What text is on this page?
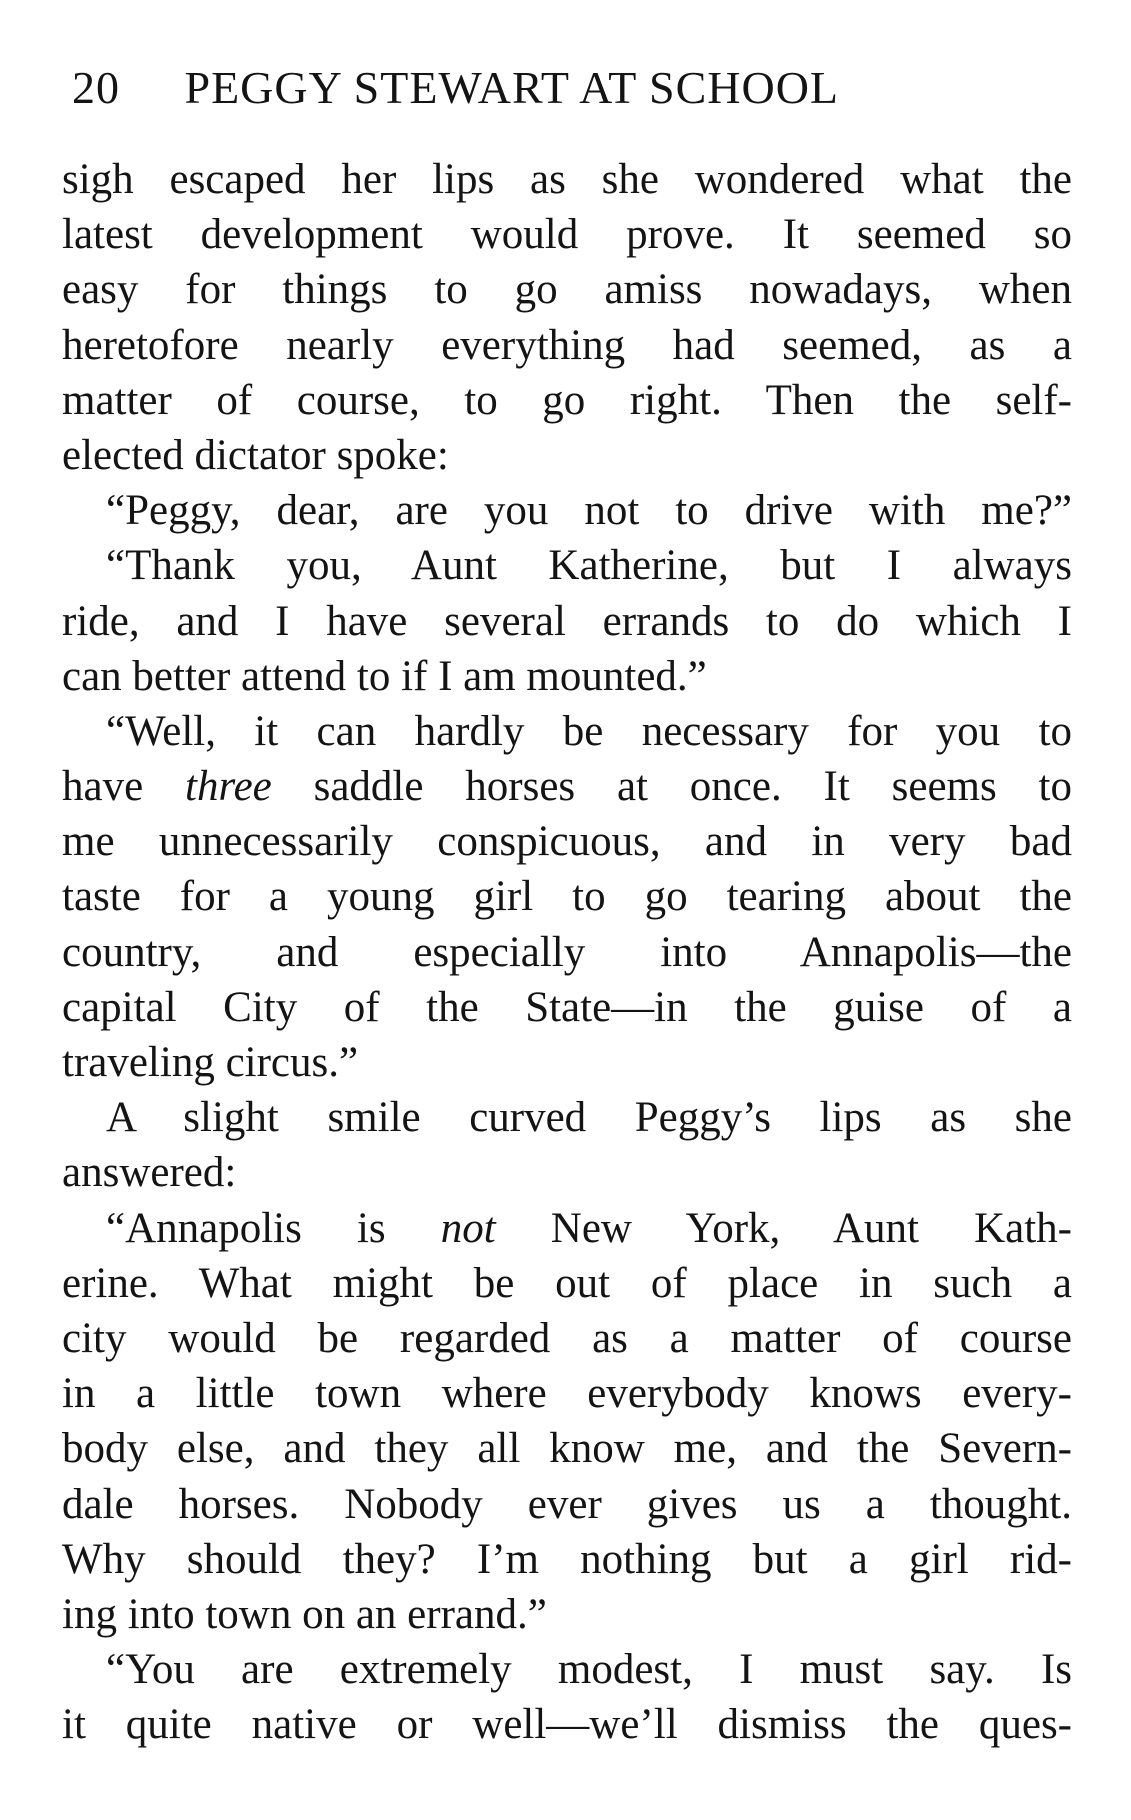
20 PEGGY STEWART AT SCHOOL
sigh escaped her lips as she wondered what the
latest development would prove. It seemed so
easy for things to go amiss nowadays, when
heretofore nearly everything had seemed, as a
matter of course, to go right. Then the self-
elected dictator spoke:
“Peggy, dear, are you not to drive with me?”
“Thank you, Aunt Katherine, but I always
ride, and I have several errands to do which I
can better attend to if I am mounted.”
“Well, it can hardly be necessary for you to
have three saddle horses at once. It seems to
me unnecessarily conspicuous, and in very bad
taste for a young girl to go tearing about the
country, and especially into Annapolis—the
capital City of the State—in the guise of a
traveling circus.”
A slight smile curved Peggy’s lips as she
answered:
“Annapolis is not New York, Aunt Kath-
erine. What might be out of place in such a
city would be regarded as a matter of course
in a little town where everybody knows every-
body else, and they all know me, and the Severn-
dale horses. Nobody ever gives us a thought.
Why should they? I’m nothing but a girl rid-
ing into town on an errand.”
“You are extremely modest, I must say. Is
it quite native or well—we’ll dismiss the ques-
